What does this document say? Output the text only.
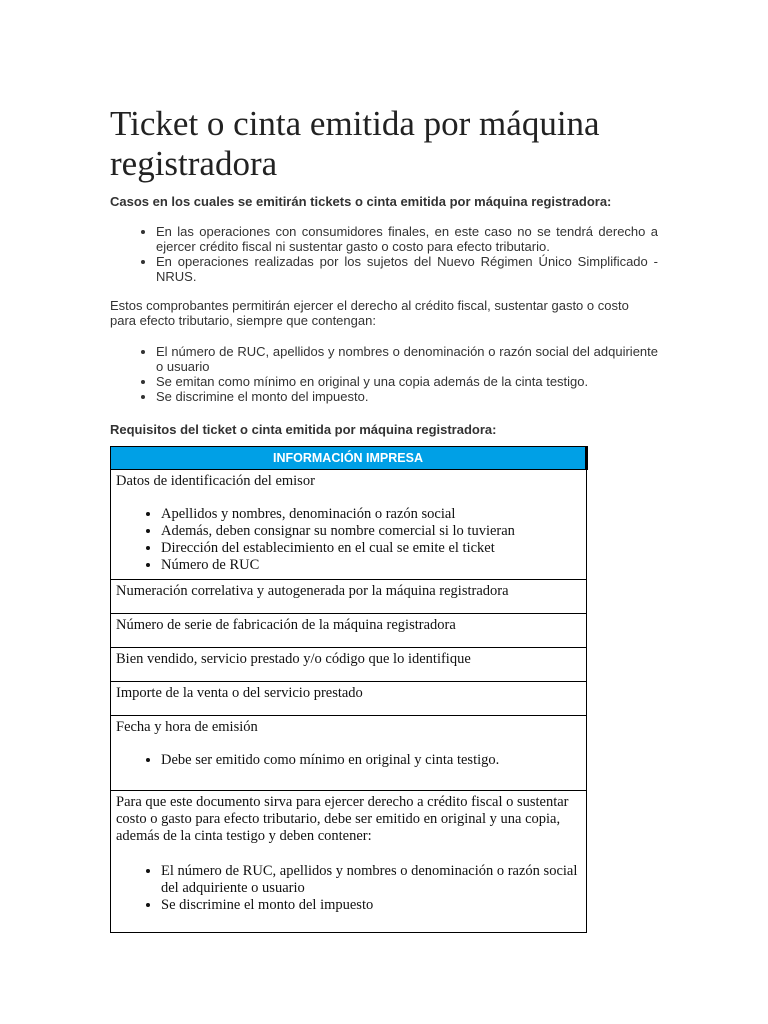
Ticket o cinta emitida por máquina registradora
Casos en los cuales se emitirán tickets o cinta emitida por máquina registradora:
• En las operaciones con consumidores finales, en este caso no se tendrá derecho a ejercer crédito fiscal ni sustentar gasto o costo para efecto tributario.
• En operaciones realizadas por los sujetos del Nuevo Régimen Único Simplificado - NRUS.

Estos comprobantes permitirán ejercer el derecho al crédito fiscal, sustentar gasto o costo para efecto tributario, siempre que contengan:

• El número de RUC, apellidos y nombres o denominación o razón social del adquiriente o usuario
• Se emitan como mínimo en original y una copia además de la cinta testigo.
• Se discrimine el monto del impuesto.
Requisitos del ticket o cinta emitida por máquina registradora:
INFORMACIÓN IMPRESA

Datos de identificación del emisor
• Apellidos y nombres, denominación o razón social
• Además, deben consignar su nombre comercial si lo tuvieran
• Dirección del establecimiento en el cual se emite el ticket
• Número de RUC

Numeración correlativa y autogenerada por la máquina registradora
Número de serie de fabricación de la máquina registradora
Bien vendido, servicio prestado y/o código que lo identifique
Importe de la venta o del servicio prestado

Fecha y hora de emisión
• Debe ser emitido como mínimo en original y cinta testigo.

Para que este documento sirva para ejercer derecho a crédito fiscal o sustentar costo o gasto para efecto tributario, debe ser emitido en original y una copia, además de la cinta testigo y deben contener:
• El número de RUC, apellidos y nombres o denominación o razón social del adquiriente o usuario
• Se discrimine el monto del impuesto
